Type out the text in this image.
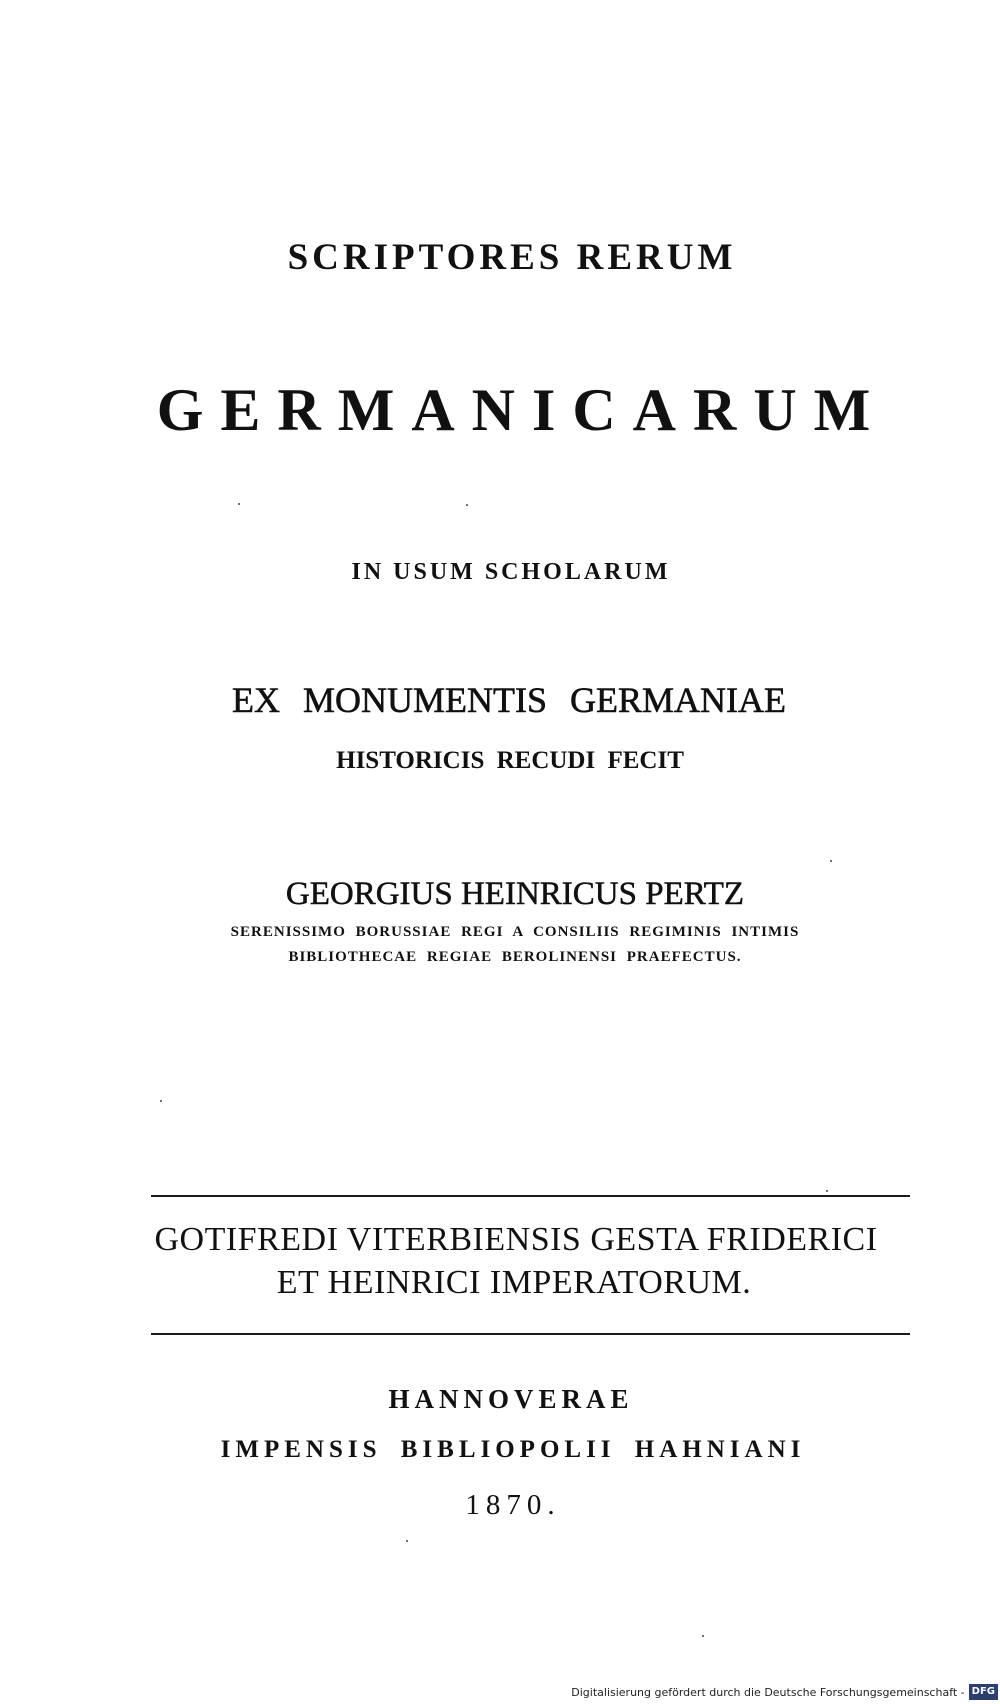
SCRIPTORES RERUM
GERMANICARUM
IN USUM SCHOLARUM
EX MONUMENTIS GERMANIAE
HISTORICIS RECUDI FECIT
GEORGIUS HEINRICUS PERTZ
SERENISSIMO BORUSSIAE REGI A CONSILIIS REGIMINIS INTIMIS
BIBLIOTHECAE REGIAE BEROLINENSI PRAEFECTUS.
GOTIFREDI VITERBIENSIS GESTA FRIDERICI
ET HEINRICI IMPERATORUM.
HANNOVERAE
IMPENSIS BIBLIOPOLII HAHNIANI
1870.
Digitalisierung gefördert durch die Deutsche Forschungsgemeinschaft - DFG
